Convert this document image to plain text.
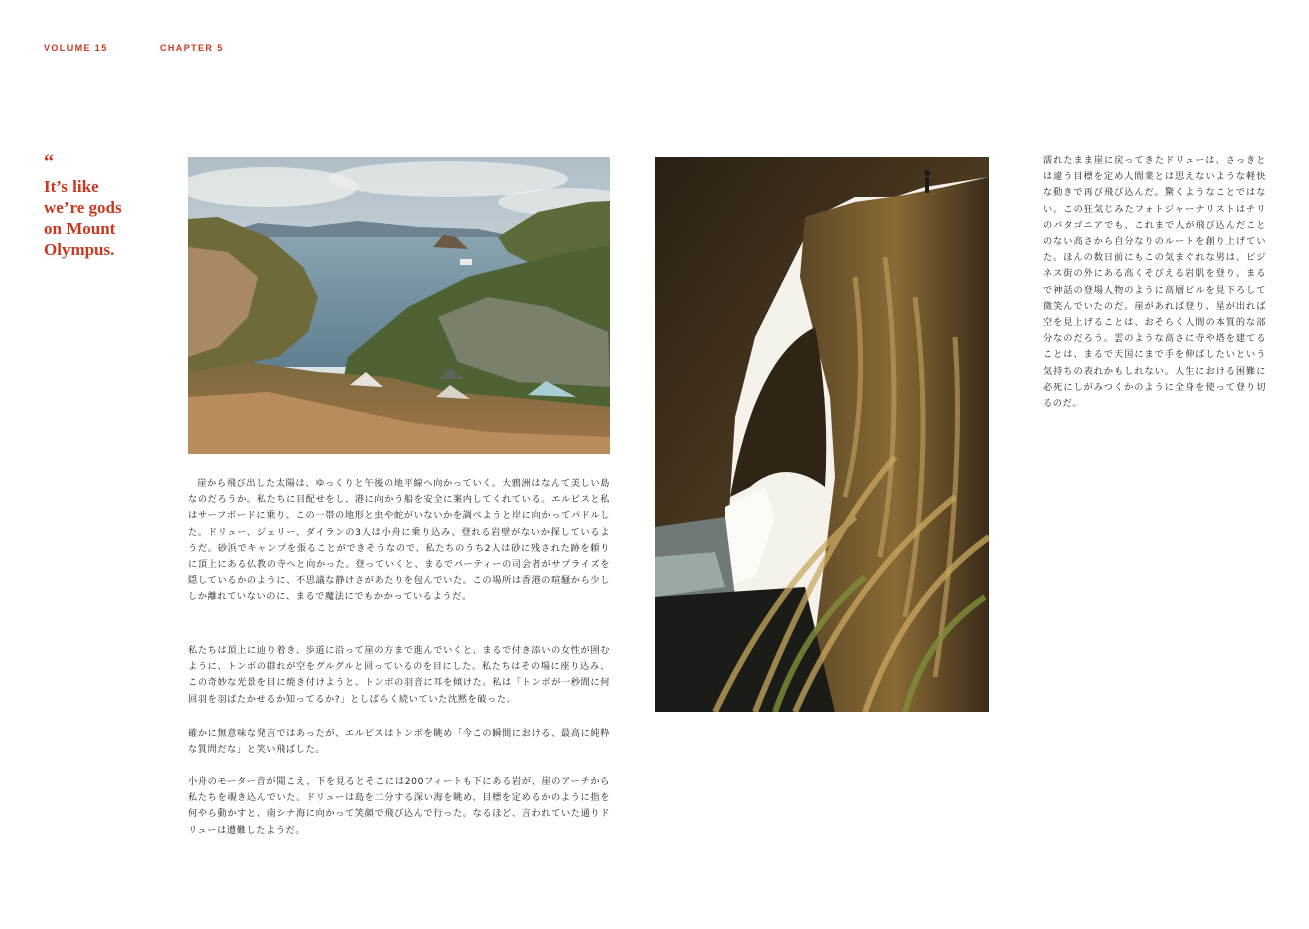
VOLUME 15	CHAPTER 5
“
It’s like
we’re gods
on Mount
Olympus.
崖から飛び出した太陽は、ゆっくりと午後の地平線へ向かっていく。大鴉洲はなんて美しい島なのだろうか。私たちに目配せをし、港に向かう船を安全に案内してくれている。エルビスと私はサーフボードに乗り、この一帯の地形と虫や蛇がいないかを調べようと岸に向かってパドルした。ドリュー、ジェリー、ダイランの3人は小舟に乗り込み、登れる岩壁がないか探しているようだ。砂浜でキャンプを張ることができそうなので、私たちのうち2人は砂に残された跡を頼りに頂上にある仏教の寺へと向かった。登っていくと、まるでパーティーの司会者がサプライズを隠しているかのように、不思議な静けさがあたりを包んでいた。この場所は香港の喧騒から少ししか離れていないのに、まるで魔法にでもかかっているようだ。
私たちは頂上に辿り着き、歩道に沿って崖の方まで進んでいくと、まるで付き添いの女性が囲むように、トンボの群れが空をグルグルと回っているのを目にした。私たちはその場に座り込み、この奇妙な光景を目に焼き付けようと、トンボの羽音に耳を傾けた。私は「トンボが一秒間に何回羽を羽ばたかせるか知ってるか?」としばらく続いていた沈黙を破った。
確かに無意味な発言ではあったが、エルビスはトンボを眺め「今この瞬間における、最高に純粋な質問だな」と笑い飛ばした。
小舟のモーター音が聞こえ、下を見るとそこには200フィートも下にある岩が、崖のアーチから私たちを覗き込んでいた。ドリューは島を二分する深い海を眺め、目標を定めるかのように指を何やら動かすと、南シナ海に向かって笑顔で飛び込んで行った。なるほど、言われていた通りドリューは遭難したようだ。
濡れたまま崖に戻ってきたドリューは、さっきとは違う目標を定め人間業とは思えないような軽快な動きで再び飛び込んだ。驚くようなことではない。この狂気じみたフォトジャーナリストはチリのパタゴニアでも、これまで人が飛び込んだことのない高さから自分なりのルートを創り上げていた。ほんの数日前にもこの気まぐれな男は、ビジネス街の外にある高くそびえる岩肌を登り、まるで神話の登場人物のように高層ビルを見下ろして微笑んでいたのだ。崖があれば登り、星が出れば空を見上げることは、おそらく人間の本質的な部分なのだろう。雲のような高さに寺や塔を建てることは、まるで天国にまで手を伸ばしたいという気持ちの表れかもしれない。人生における困難に必死にしがみつくかのように全身を使って登り切るのだ。
